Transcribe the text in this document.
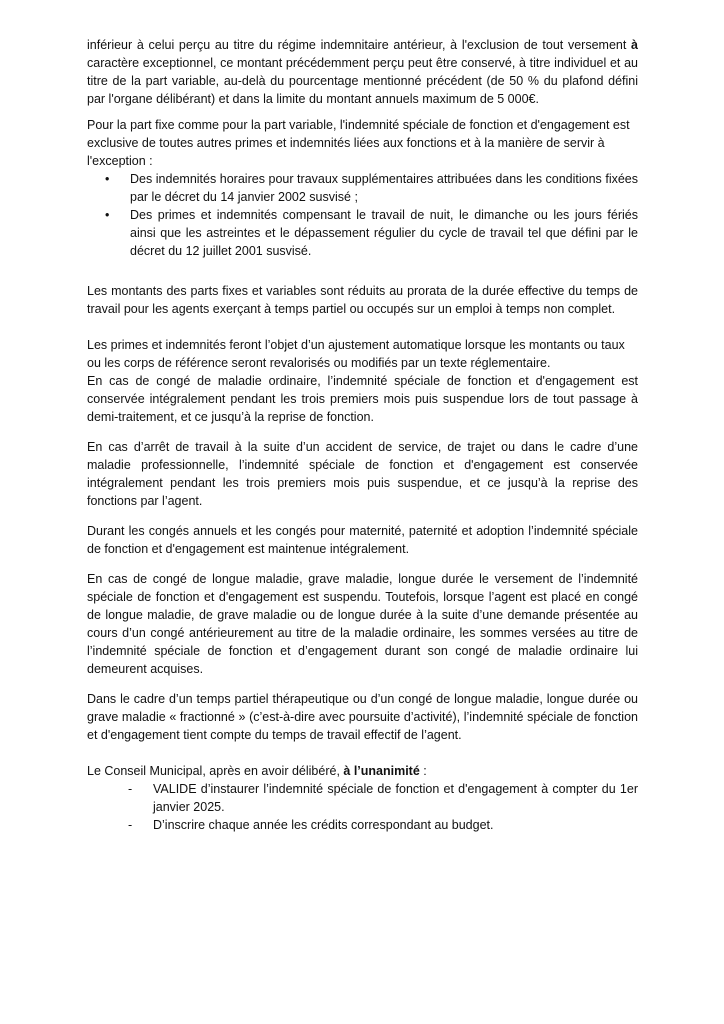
inférieur à celui perçu au titre du régime indemnitaire antérieur, à l'exclusion de tout versement à caractère exceptionnel, ce montant précédemment perçu peut être conservé, à titre individuel et au titre de la part variable, au-delà du pourcentage mentionné précédent (de 50 % du plafond défini par l'organe délibérant) et dans la limite du montant annuels maximum de 5 000€.

Pour la part fixe comme pour la part variable, l'indemnité spéciale de fonction et d'engagement est exclusive de toutes autres primes et indemnités liées aux fonctions et à la manière de servir à l'exception :

• Des indemnités horaires pour travaux supplémentaires attribuées dans les conditions fixées par le décret du 14 janvier 2002 susvisé ;
• Des primes et indemnités compensant le travail de nuit, le dimanche ou les jours fériés ainsi que les astreintes et le dépassement régulier du cycle de travail tel que défini par le décret du 12 juillet 2001 susvisé.

Les montants des parts fixes et variables sont réduits au prorata de la durée effective du temps de travail pour les agents exerçant à temps partiel ou occupés sur un emploi à temps non complet.

Les primes et indemnités feront l’objet d’un ajustement automatique lorsque les montants ou taux ou les corps de référence seront revalorisés ou modifiés par un texte réglementaire.

En cas de congé de maladie ordinaire, l’indemnité spéciale de fonction et d'engagement est conservée intégralement pendant les trois premiers mois puis suspendue lors de tout passage à demi-traitement, et ce jusqu’à la reprise de fonction.

En cas d’arrêt de travail à la suite d’un accident de service, de trajet ou dans le cadre d’une maladie professionnelle, l’indemnité spéciale de fonction et d'engagement est conservée intégralement pendant les trois premiers mois puis suspendue, et ce jusqu’à la reprise des fonctions par l’agent.

Durant les congés annuels et les congés pour maternité, paternité et adoption l’indemnité spéciale de fonction et d'engagement est maintenue intégralement.

En cas de congé de longue maladie, grave maladie, longue durée le versement de l’indemnité spéciale de fonction et d'engagement est suspendu. Toutefois, lorsque l’agent est placé en congé de longue maladie, de grave maladie ou de longue durée à la suite d’une demande présentée au cours d’un congé antérieurement au titre de la maladie ordinaire, les sommes versées au titre de l’indemnité spéciale de fonction et d’engagement durant son congé de maladie ordinaire lui demeurent acquises.

Dans le cadre d’un temps partiel thérapeutique ou d’un congé de longue maladie, longue durée ou grave maladie « fractionné » (c’est-à-dire avec poursuite d’activité), l’indemnité spéciale de fonction et d'engagement tient compte du temps de travail effectif de l’agent.

Le Conseil Municipal, après en avoir délibéré, à l’unanimité :

- VALIDE d’instaurer l’indemnité spéciale de fonction et d'engagement à compter du 1er janvier 2025.
- D’inscrire chaque année les crédits correspondant au budget.
